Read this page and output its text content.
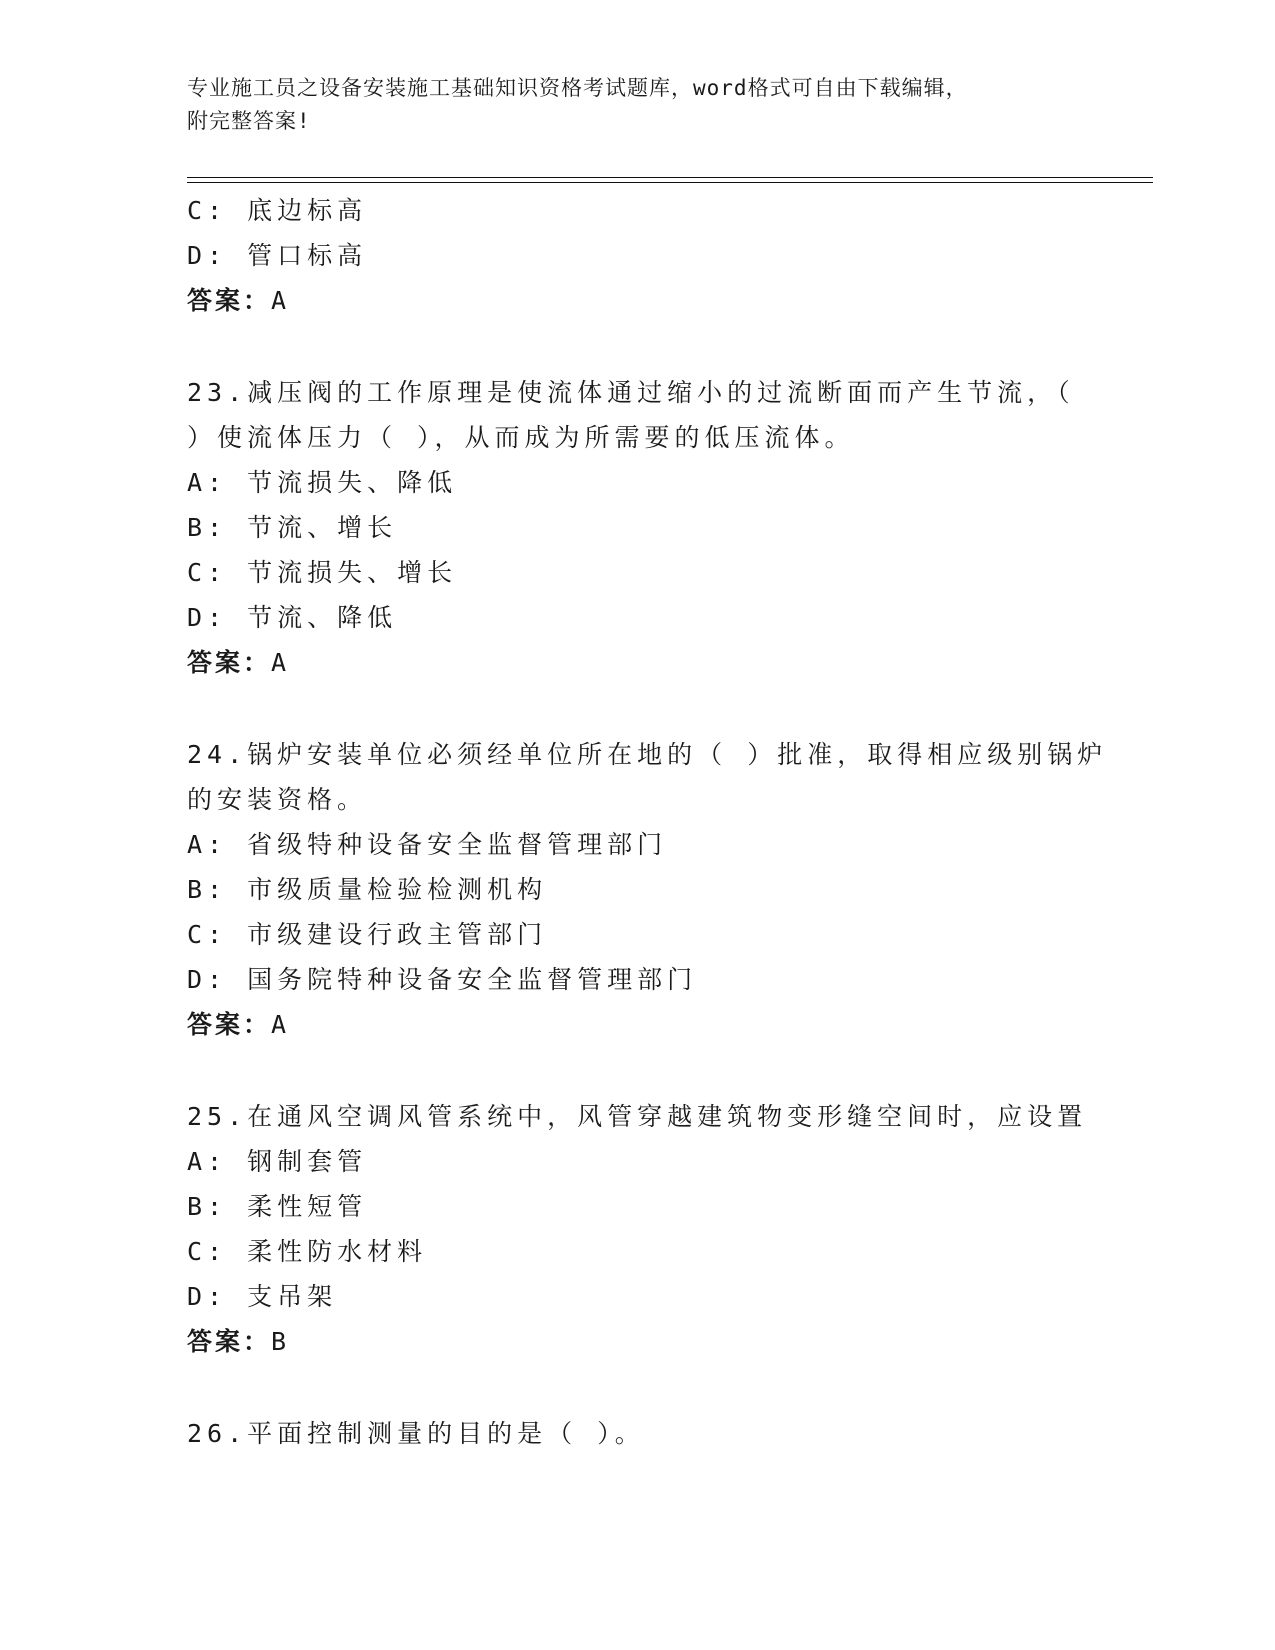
专业施工员之设备安装施工基础知识资格考试题库，word格式可自由下载编辑，
附完整答案!
C: 底边标高
D: 管口标高
答案：A
23.减压阀的工作原理是使流体通过缩小的过流断面而产生节流，（
）使流体压力（ ），从而成为所需要的低压流体。
A: 节流损失、降低
B: 节流、增长
C: 节流损失、增长
D: 节流、降低
答案：A
24.锅炉安装单位必须经单位所在地的（ ）批准，取得相应级别锅炉
的安装资格。
A: 省级特种设备安全监督管理部门
B: 市级质量检验检测机构
C: 市级建设行政主管部门
D: 国务院特种设备安全监督管理部门
答案：A
25.在通风空调风管系统中，风管穿越建筑物变形缝空间时，应设置
A: 钢制套管
B: 柔性短管
C: 柔性防水材料
D: 支吊架
答案：B
26.平面控制测量的目的是（ ）。
